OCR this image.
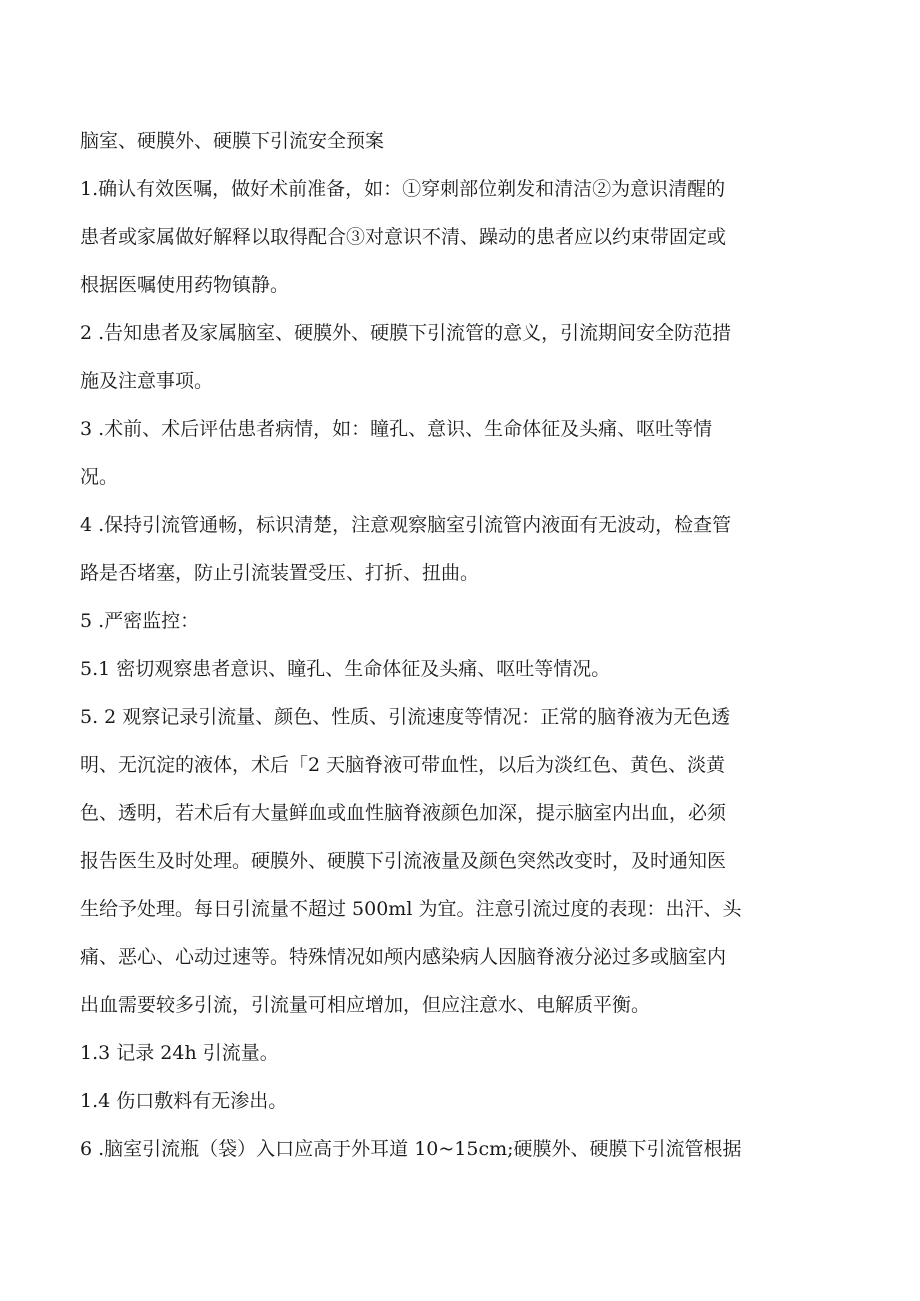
脑室、硬膜外、硬膜下引流安全预案
1.确认有效医嘱，做好术前准备，如：①穿刺部位剃发和清洁②为意识清醒的
患者或家属做好解释以取得配合③对意识不清、躁动的患者应以约束带固定或
根据医嘱使用药物镇静。
2 .告知患者及家属脑室、硬膜外、硬膜下引流管的意义，引流期间安全防范措
施及注意事项。
3 .术前、术后评估患者病情，如：瞳孔、意识、生命体征及头痛、呕吐等情
况。
4 .保持引流管通畅，标识清楚，注意观察脑室引流管内液面有无波动，检查管
路是否堵塞，防止引流装置受压、打折、扭曲。
5 .严密监控：
5.1 密切观察患者意识、瞳孔、生命体征及头痛、呕吐等情况。
5. 2 观察记录引流量、颜色、性质、引流速度等情况：正常的脑脊液为无色透
明、无沉淀的液体，术后「2 天脑脊液可带血性，以后为淡红色、黄色、淡黄
色、透明，若术后有大量鲜血或血性脑脊液颜色加深，提示脑室内出血，必须
报告医生及时处理。硬膜外、硬膜下引流液量及颜色突然改变时，及时通知医
生给予处理。每日引流量不超过 500ml 为宜。注意引流过度的表现：出汗、头
痛、恶心、心动过速等。特殊情况如颅内感染病人因脑脊液分泌过多或脑室内
出血需要较多引流，引流量可相应增加，但应注意水、电解质平衡。
1.3 记录 24h 引流量。
1.4 伤口敷料有无渗出。
6 .脑室引流瓶（袋）入口应高于外耳道 10~15cm;硬膜外、硬膜下引流管根据
